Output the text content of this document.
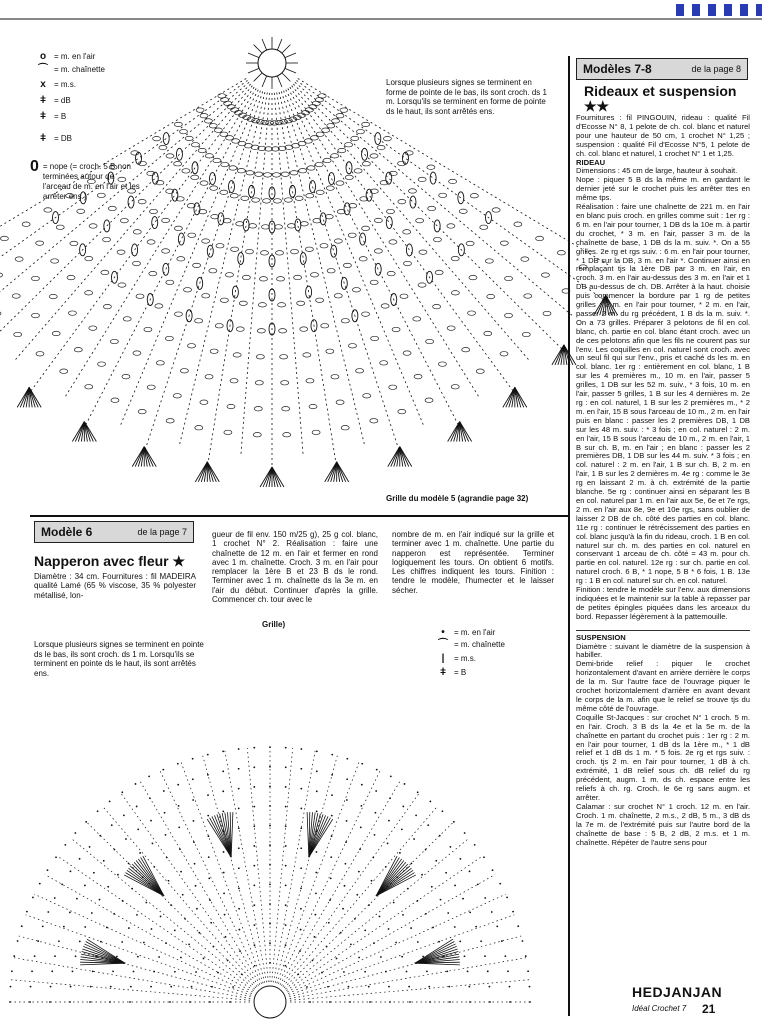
o = m. en l'air
⌒ = m. chaînette
x	= m.s.
ǂ	= dB
ǂ	= B
ǂ	= DB
0 = nope (= croch. 5 B non terminées autour de l'arceau de m. en l'air et les arrêter ens.)
Lorsque plusieurs signes se terminent en forme de pointe de le bas, ils sont croch. ds 1 m. Lorsqu'ils se terminent en forme de pointe ds le haut, ils sont arrêtés ens.
Grille du modèle 5 (agrandie page 32)
Modèles 7-8	de la page 8
Rideaux et suspension ★★

Fournitures : fil PINGOUIN, rideau : qualité Fil d'Ecosse N° 8, 1 pelote de ch. col. blanc et naturel pour une hauteur de 50 cm, 1 crochet N° 1,25 ; suspension : qualité Fil d'Ecosse N°5, 1 pelote de ch. col. blanc et naturel, 1 crochet N° 1 et 1,25.

RIDEAU

Dimensions : 45 cm de large, hauteur à souhait.

Nope : piquer 5 B ds la même m. en gardant le dernier jeté sur le crochet puis les arrêter ttes en même tps.

Réalisation : faire une chaînette de 221 m. en l'air en blanc puis croch. en grilles comme suit : 1er rg : 6 m. en l'air pour tourner, 1 DB ds la 10e m. à partir du crochet, * 3 m. en l'air, passer 3 m. de la chaînette de base, 1 DB ds la m. suiv. *. On a 55 grilles. 2e rg et rgs suiv. : 6 m. en l'air pour tourner, * 1 DB sur la DB, 3 m. en l'air *. Continuer ainsi en remplaçant tjs la 1ère DB par 3 m. en l'air, en croch. 3 m. en l'air au-dessus des 3 m. en l'air et 1 DB au-dessus de ch. DB. Arrêter à la haut. choisie puis commencer la bordure par 1 rg de petites grilles : 2 m. en l'air pour tourner, * 2 m. en l'air, passer 2 m. du rg précédent, 1 B ds la m. suiv. *. On a 73 grilles. Préparer 3 pelotons de fil en col. blanc, ch. partie en col. blanc étant croch. avec un de ces pelotons afin que les fils ne courent pas sur l'env. Les coquilles en col. naturel sont croch. avec un seul fil qui sur l'env., pris et caché ds les m. en col. blanc. 1er rg : entièrement en col. blanc, 1 B sur les 4 premières m., 10 m. en l'air, passer 5 grilles, 1 DB sur les 52 m. suiv., * 3 fois, 10 m. en l'air, passer 5 grilles, 1 B sur les 4 dernières m. 2e rg : en col. naturel, 1 B sur les 2 premières m., * 2 m. en l'air, 15 B sous l'arceau de 10 m., 2 m. en l'air puis en blanc : passer les 2 premières DB, 1 DB sur les 48 m. suiv. : * 3 fois ; en col. naturel : 2 m. en l'air, 15 B sous l'arceau de 10 m., 2 m. en l'air, 1 B sur ch. B, m. en l'air ; en blanc : passer les 2 premières DB, 1 DB sur les 44 m. suiv. * 3 fois ; en col. naturel : 2 m. en l'air, 1 B sur ch. B, 2 m. en l'air, 1 B sur les 2 dernières m. 4e rg : comme le 3e rg en laissant 2 m. à ch. extrémité de la partie blanche. 5e rg : continuer ainsi en séparant les B en col. naturel par 1 m. en l'air aux 5e, 6e et 7e rgs, 2 m. en l'air aux 8e, 9e et 10e rgs, sans oublier de laisser 2 DB de ch. côté des parties en col. blanc. 11e rg : continuer le rétrécissement des parties en col. blanc jusqu'à la fin du rideau, croch. 1 B en col. naturel sur ch. m. des parties en col. naturel en conservant 1 arceau de ch. côté = 43 m. pour ch. partie en col. naturel. 12e rg : sur ch. partie en col. naturel croch. 6 B, * 1 nope, 5 B * 6 fois, 1 B. 13e rg : 1 B en col. naturel sur ch. en col. naturel.

Finition : tendre le modèle sur l'env. aux dimensions indiquées et le maintenir sur la table à repasser par de petites épingles piquées dans les arceaux du bord. Repasser légèrement à la pattemouille.

SUSPENSION

Diamètre : suivant le diamètre de la suspension à habiller.

Demi-bride relief : piquer le crochet horizontalement d'avant en arrière derrière le corps de la m. Sur l'autre face de l'ouvrage piquer le crochet horizontalement d'arrière en avant devant le corps de la m. afin que le relief se trouve tjs du même côté de l'ouvrage.

Coquille St-Jacques : sur crochet N° 1 croch. 5 m. en l'air. Croch. 3 B ds la 4e et la 5e m. de la chaînette en partant du crochet puis : 1er rg : 2 m. en l'air pour tourner, 1 dB ds la 1ère m., * 1 dB relief et 1 dB ds 1 m. * 5 fois. 2e rg et rgs suiv. : croch. tjs 2 m. en l'air pour tourner, 1 dB à ch. extrémité, 1 dB relief sous ch. dB relief du rg précédent, augm. 1 m. ds ch. espace entre les reliefs à ch. rg. Croch. le 6e rg sans augm. et arrêter.

Calamar : sur crochet N° 1 croch. 12 m. en l'air. Croch. 1 m. chaînette, 2 m.s., 2 dB, 5 m., 3 dB ds la 7e m. de l'extrémité puis sur l'autre bord de la chaînette de base : 5 B, 2 dB, 2 m.s. et 1 m. chaînette. Répéter de l'autre sens pour

Modèle 6	de la page 7
Napperon avec fleur ★
Diamètre : 34 cm. Fournitures : fil MADEIRA qualité Lamé (65 % viscose, 35 % polyester métallisé, lon-
gueur de fil env. 150 m/25 g), 25 g col. blanc, 1 crochet N° 2. Réalisation : faire une chaînette de 12 m. en l'air et fermer en rond avec 1 m. chaînette. Croch. 3 m. en l'air pour remplacer la 1ère B et 23 B ds le rond. Terminer avec 1 m. chaînette ds la 3e m. en l'air du début. Continuer d'après la grille. Commencer ch. tour avec le
nombre de m. en l'air indiqué sur la grille et terminer avec 1 m. chaînette. Une partie du napperon est représentée. Terminer logiquement les tours. On obtient 6 motifs. Les chiffres indiquent les tours. Finition : tendre le modèle, l'humecter et le laisser sécher.
Grille)
Lorsque plusieurs signes se terminent en pointe ds le bas, ils sont croch. ds 1 m. Lorsqu'ils se terminent en pointe ds le haut, ils sont arrêtés ens.
•	= m. en l'air
⌒ = m. chaînette
|	= m.s.
ǂ	= B
HEDJANJAN
Idéal Crochet 7 21
